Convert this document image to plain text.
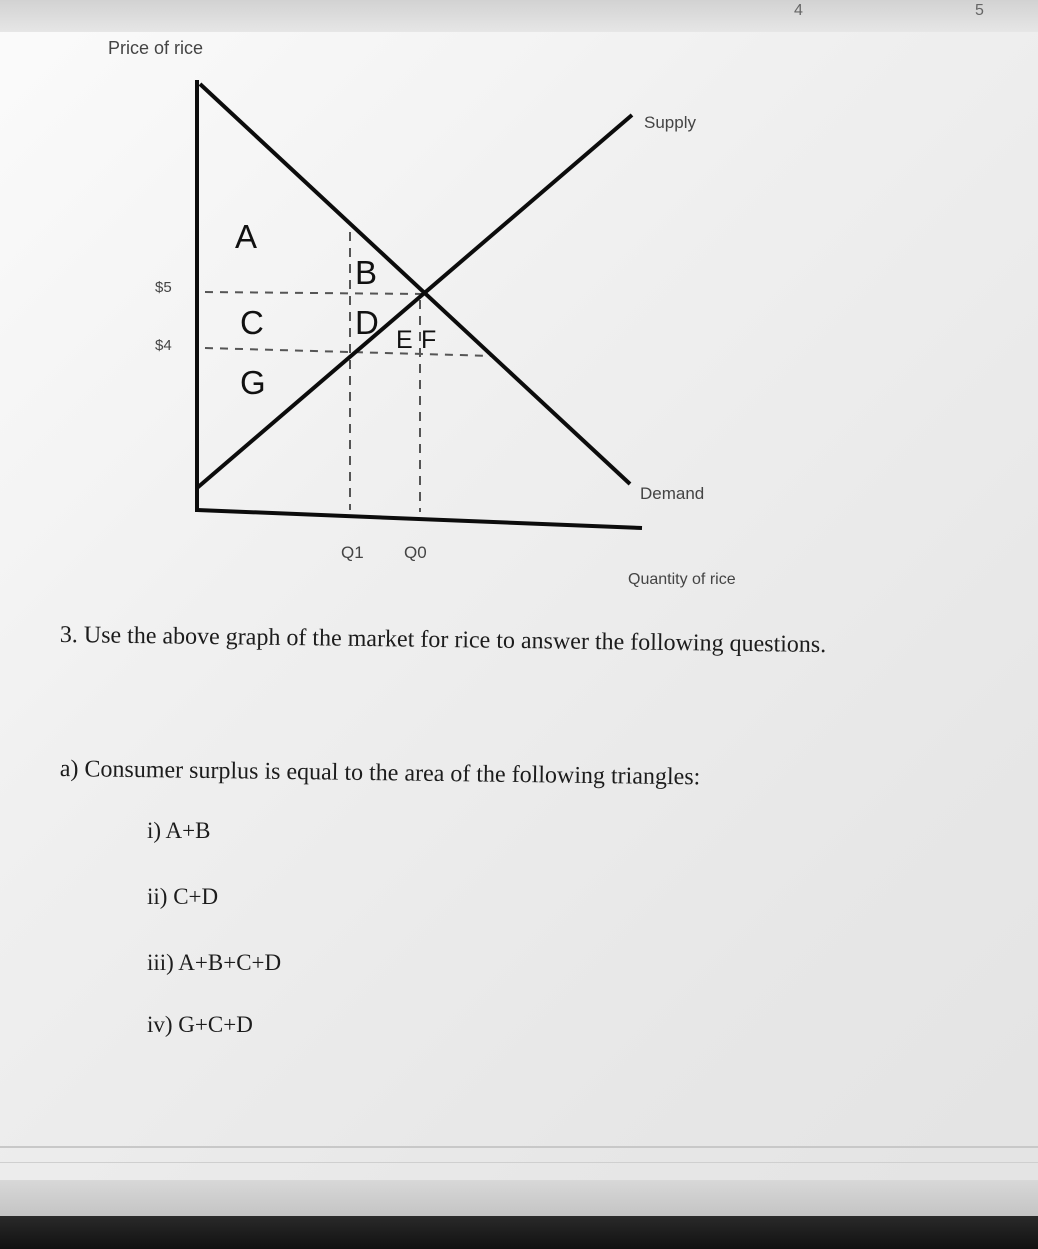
4	5
Price of rice
Quantity of rice
$5
$4
Supply
Demand
Q1 Q0
A
B
C	D E F
G
3. Use the above graph of the market for rice to answer the following questions.
a) Consumer surplus is equal to the area of the following triangles:
i) A+B
ii) C+D
iii) A+B+C+D
iv) G+C+D
